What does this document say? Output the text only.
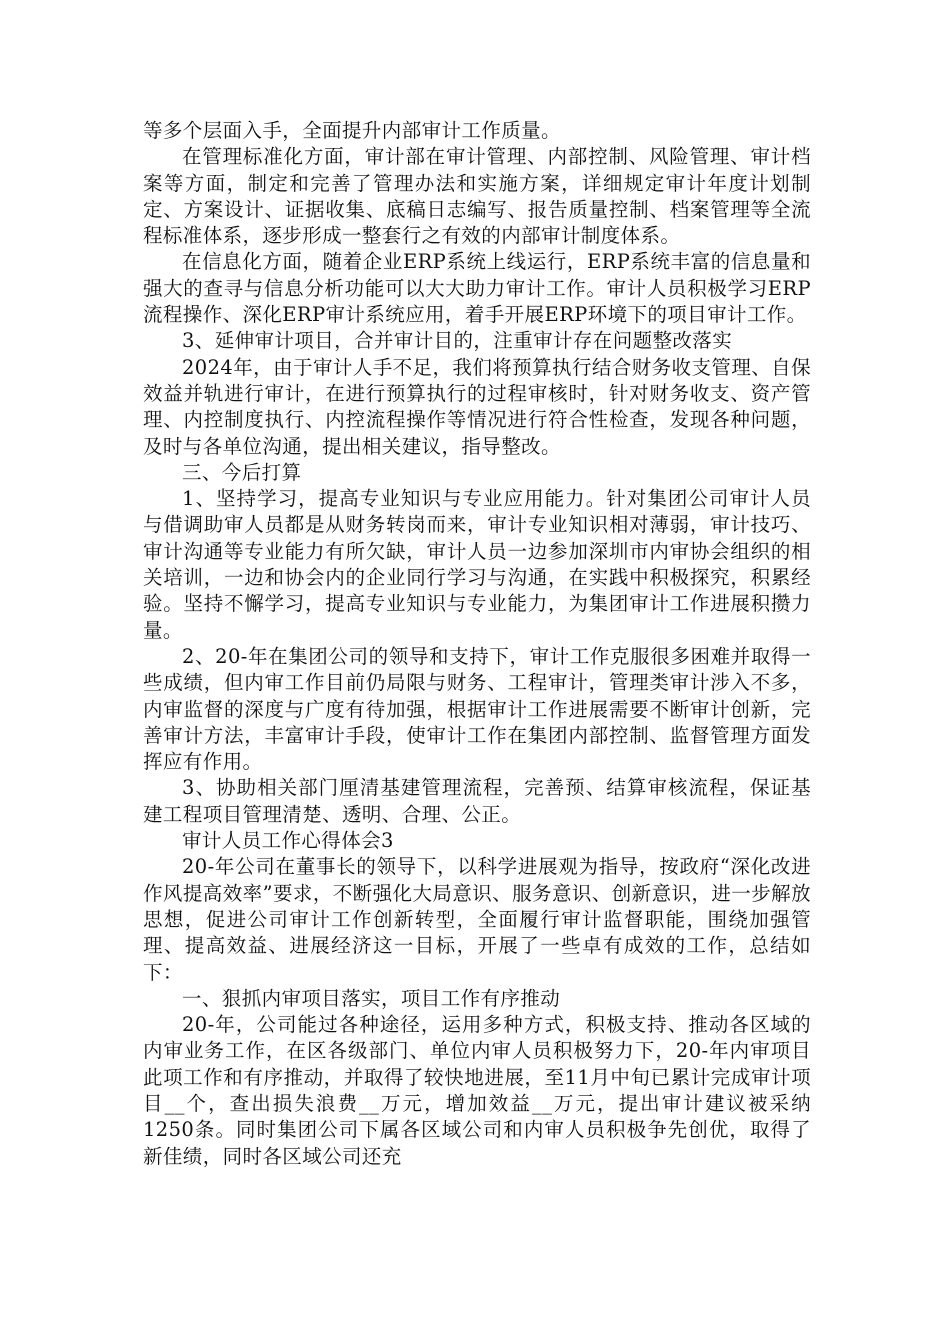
等多个层面入手，全面提升内部审计工作质量。

在管理标准化方面，审计部在审计管理、内部控制、风险管理、审计档案等方面，制定和完善了管理办法和实施方案，详细规定审计年度计划制定、方案设计、证据收集、底稿日志编写、报告质量控制、档案管理等全流程标准体系，逐步形成一整套行之有效的内部审计制度体系。

在信息化方面，随着企业ERP系统上线运行，ERP系统丰富的信息量和强大的查寻与信息分析功能可以大大助力审计工作。审计人员积极学习ERP流程操作、深化ERP审计系统应用，着手开展ERP环境下的项目审计工作。

3、延伸审计项目，合并审计目的，注重审计存在问题整改落实

2024年，由于审计人手不足，我们将预算执行结合财务收支管理、自保效益并轨进行审计，在进行预算执行的过程审核时，针对财务收支、资产管理、内控制度执行、内控流程操作等情况进行符合性检查，发现各种问题，及时与各单位沟通，提出相关建议，指导整改。

三、今后打算

1、坚持学习，提高专业知识与专业应用能力。针对集团公司审计人员与借调助审人员都是从财务转岗而来，审计专业知识相对薄弱，审计技巧、审计沟通等专业能力有所欠缺，审计人员一边参加深圳市内审协会组织的相关培训，一边和协会内的企业同行学习与沟通，在实践中积极探究，积累经验。坚持不懈学习，提高专业知识与专业能力，为集团审计工作进展积攒力量。

2、20-年在集团公司的领导和支持下，审计工作克服很多困难并取得一些成绩，但内审工作目前仍局限与财务、工程审计，管理类审计涉入不多，内审监督的深度与广度有待加强，根据审计工作进展需要不断审计创新，完善审计方法，丰富审计手段，使审计工作在集团内部控制、监督管理方面发挥应有作用。

3、协助相关部门厘清基建管理流程，完善预、结算审核流程，保证基建工程项目管理清楚、透明、合理、公正。

审计人员工作心得体会3

20-年公司在董事长的领导下，以科学进展观为指导，按政府“深化改进作风提高效率”要求，不断强化大局意识、服务意识、创新意识，进一步解放思想，促进公司审计工作创新转型，全面履行审计监督职能，围绕加强管理、提高效益、进展经济这一目标，开展了一些卓有成效的工作，总结如下：

一、狠抓内审项目落实，项目工作有序推动

20-年，公司能过各种途径，运用多种方式，积极支持、推动各区域的内审业务工作，在区各级部门、单位内审人员积极努力下，20-年内审项目此项工作和有序推动，并取得了较快地进展，至11月中旬已累计完成审计项目__个，查出损失浪费__万元，增加效益__万元，提出审计建议被采纳1250条。同时集团公司下属各区域公司和内审人员积极争先创优，取得了新佳绩，同时各区域公司还充
